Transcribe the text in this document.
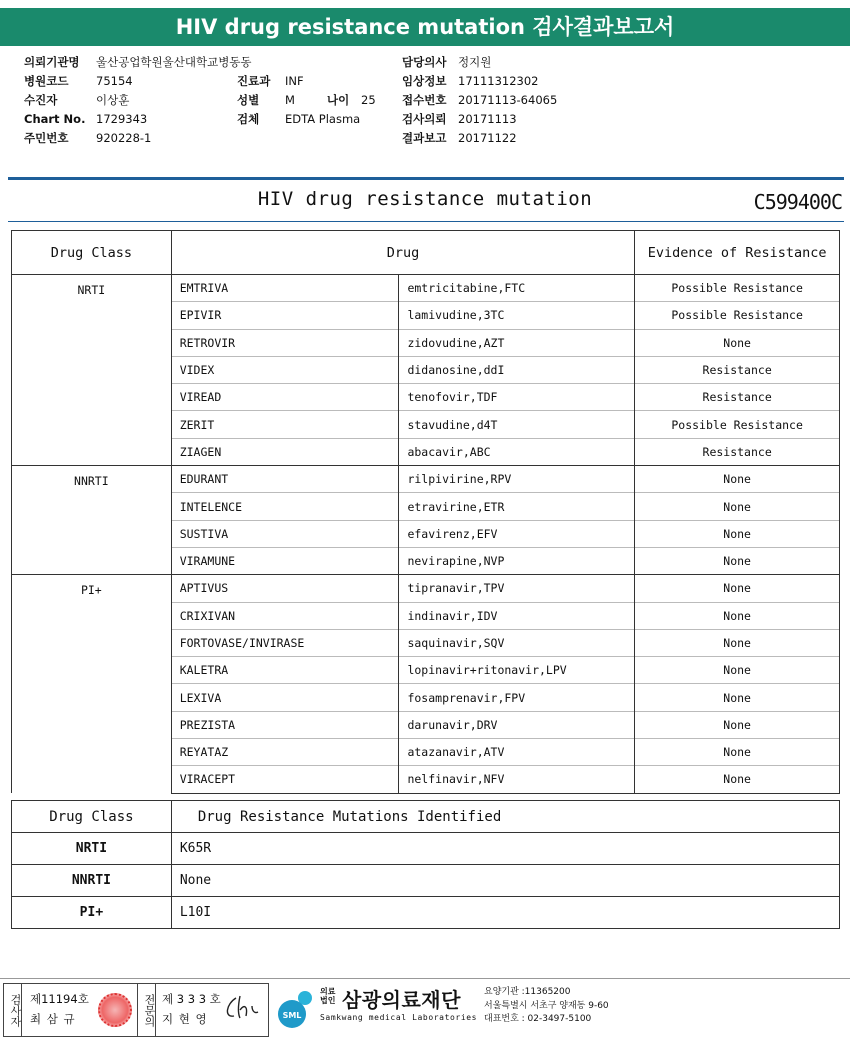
HIV drug resistance mutation 검사결과보고서
의뢰기관명 울산공업학원울산대학교병동동
병원코드 75154
수진자	이상훈
Chart No. 1729343
주민번호 920228-1
진료과 INF
성별 M	나이 25
검체 EDTA Plasma
담당의사 정지원
임상정보 17111312302
접수번호 20171113-64065
검사의뢰 20171113
결과보고 20171122
HIV drug resistance mutation	C599400C
Drug Class	Drug		Evidence of Resistance
NRTI	EMTRIVA	emtricitabine,FTC	Possible Resistance
	EPIVIR	lamivudine,3TC	Possible Resistance
	RETROVIR	zidovudine,AZT	None
	VIDEX	didanosine,ddI	Resistance
	VIREAD	tenofovir,TDF	Resistance
	ZERIT	stavudine,d4T	Possible Resistance
	ZIAGEN	abacavir,ABC	Resistance
NNRTI	EDURANT	rilpivirine,RPV	None
	INTELENCE	etravirine,ETR	None
	SUSTIVA	efavirenz,EFV	None
	VIRAMUNE	nevirapine,NVP	None
PI+	APTIVUS	tipranavir,TPV	None
	CRIXIVAN	indinavir,IDV	None
	FORTOVASE/INVIRASE	saquinavir,SQV	None
	KALETRA	lopinavir+ritonavir,LPV	None
	LEXIVA	fosamprenavir,FPV	None
	PREZISTA	darunavir,DRV	None
	REYATAZ	atazanavir,ATV	None
	VIRACEPT	nelfinavir,NFV	None
Drug Class	Drug Resistance Mutations Identified
NRTI	K65R
NNRTI	None
PI+	L10I
검사자 제11194호
최 삼 규	전문의 제 3 3 3 호
지 현 영	SML
의료
법인 삼광의료재단
Samkwang medical Laboratories
요양기관 :11365200
서울특별시 서초구 양재동 9-60
대표번호 : 02-3497-5100
